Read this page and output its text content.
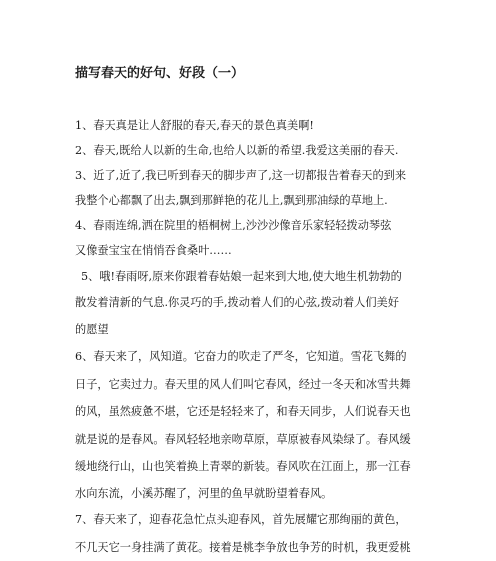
描写春天的好句、好段（一）
1、春天真是让人舒服的春天,春天的景色真美啊!
2、春天,既给人以新的生命,也给人以新的希望.我爱这美丽的春天.
3、近了,近了,我已听到春天的脚步声了,这一切都报告着春天的到来
我整个心都飘了出去,飘到那鲜艳的花儿上,飘到那油绿的草地上.
4、春雨连绵,洒在院里的梧桐树上,沙沙沙像音乐家轻轻拨动琴弦
又像蚕宝宝在悄悄吞食桑叶……
5、哦!春雨呀,原来你跟着春姑娘一起来到大地,使大地生机勃勃的
散发着清新的气息.你灵巧的手,拨动着人们的心弦,拨动着人们美好
的愿望
6、春天来了，风知道。它奋力的吹走了严冬，它知道。雪花飞舞的
日子，它卖过力。春天里的风人们叫它春风，经过一冬天和冰雪共舞
的风，虽然疲惫不堪，它还是轻轻来了，和春天同步，人们说春天也
就是说的是春风。春风轻轻地亲吻草原，草原被春风染绿了。春风缓
缓地绕行山，山也笑着换上青翠的新装。春风吹在江面上，那一江春
水向东流，小溪苏醒了，河里的鱼早就盼望着春风。
7、春天来了，迎春花急忙点头迎春风，首先展耀它那绚丽的黄色，
不几天它一身挂满了黄花。接着是桃李争放也争芳的时机，我更爱桃
